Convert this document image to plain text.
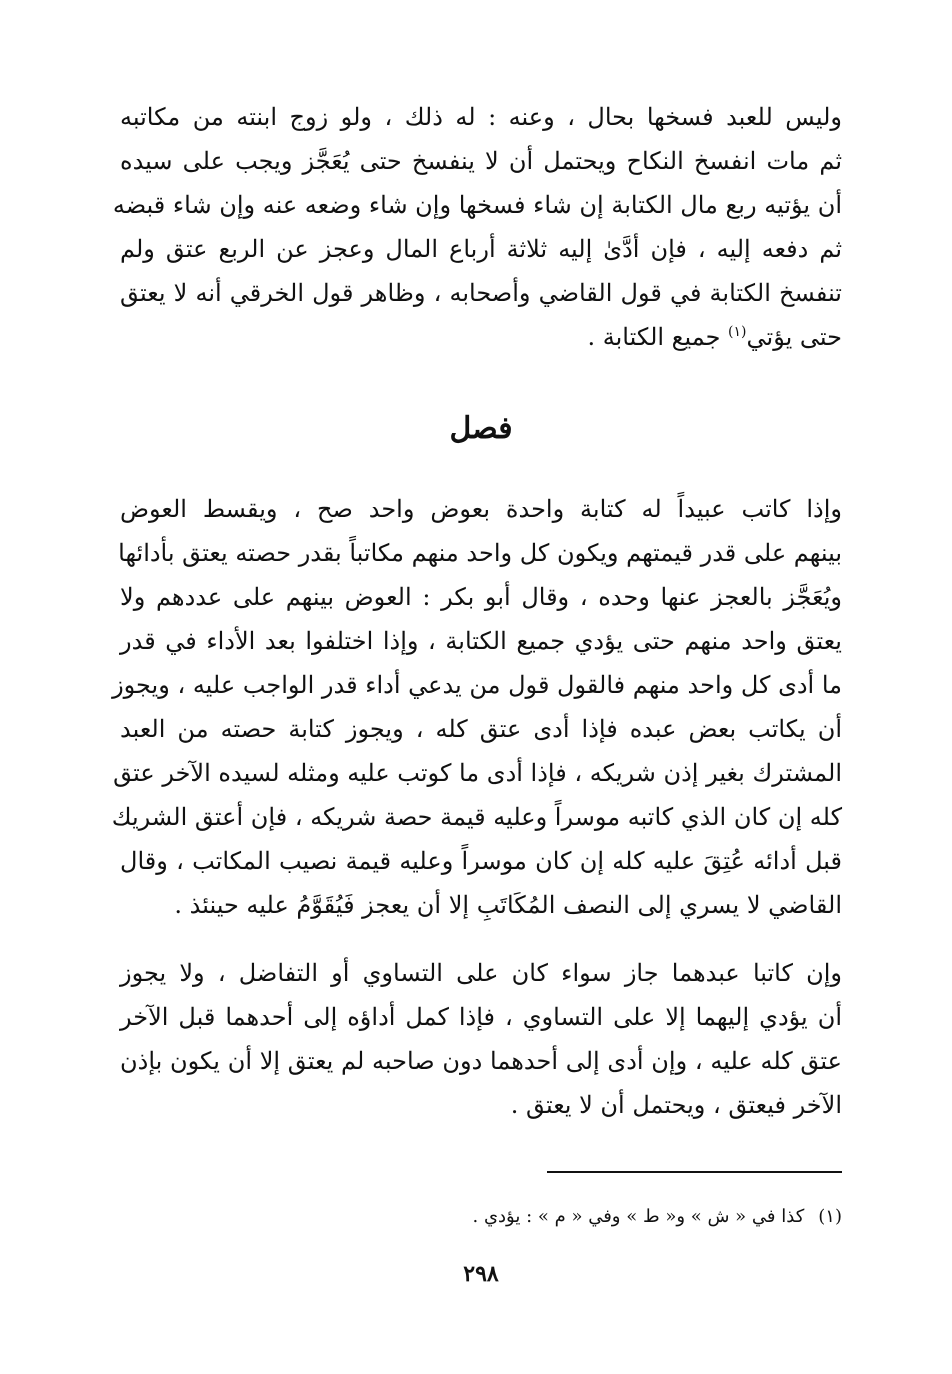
وليس للعبد فسخها بحال ، وعنه : له ذلك ، ولو زوج ابنته من مكاتبه
ثم مات انفسخ النكاح ويحتمل أن لا ينفسخ حتى يُعَجَّز ويجب على سيده
أن يؤتيه ربع مال الكتابة إن شاء فسخها وإن شاء وضعه عنه وإن شاء قبضه
ثم دفعه إليه ، فإن أدَّىٰ إليه ثلاثة أرباع المال وعجز عن الربع عتق ولم
تنفسخ الكتابة في قول القاضي وأصحابه ، وظاهر قول الخرقي أنه لا يعتق
حتى يؤتي$^{(١)}$ جميع الكتابة .

فصل

وإذا كاتب عبيداً له كتابة واحدة بعوض واحد صح ، ويقسط العوض
بينهم على قدر قيمتهم ويكون كل واحد منهم مكاتباً بقدر حصته يعتق بأدائها
ويُعَجَّز بالعجز عنها وحده ، وقال أبو بكر : العوض بينهم على عددهم ولا
يعتق واحد منهم حتى يؤدي جميع الكتابة ، وإذا اختلفوا بعد الأداء في قدر
ما أدى كل واحد منهم فالقول قول من يدعي أداء قدر الواجب عليه ، ويجوز
أن يكاتب بعض عبده فإذا أدى عتق كله ، ويجوز كتابة حصته من العبد
المشترك بغير إذن شريكه ، فإذا أدى ما كوتب عليه ومثله لسيده الآخر عتق
كله إن كان الذي كاتبه موسراً وعليه قيمة حصة شريكه ، فإن أعتق الشريك
قبل أدائه عُتِقَ عليه كله إن كان موسراً وعليه قيمة نصيب المكاتب ، وقال
القاضي لا يسري إلى النصف المُكَاتَبِ إلا أن يعجز فَيُقَوَّمُ عليه حينئذ .

وإن كاتبا عبدهما جاز سواء كان على التساوي أو التفاضل ، ولا يجوز
أن يؤدي إليهما إلا على التساوي ، فإذا كمل أداؤه إلى أحدهما قبل الآخر
عتق كله عليه ، وإن أدى إلى أحدهما دون صاحبه لم يعتق إلا أن يكون بإذن
الآخر فيعتق ، ويحتمل أن لا يعتق .

(١)كذا في « ش » و« ط » وفي « م » : يؤدي .
٢٩٨
